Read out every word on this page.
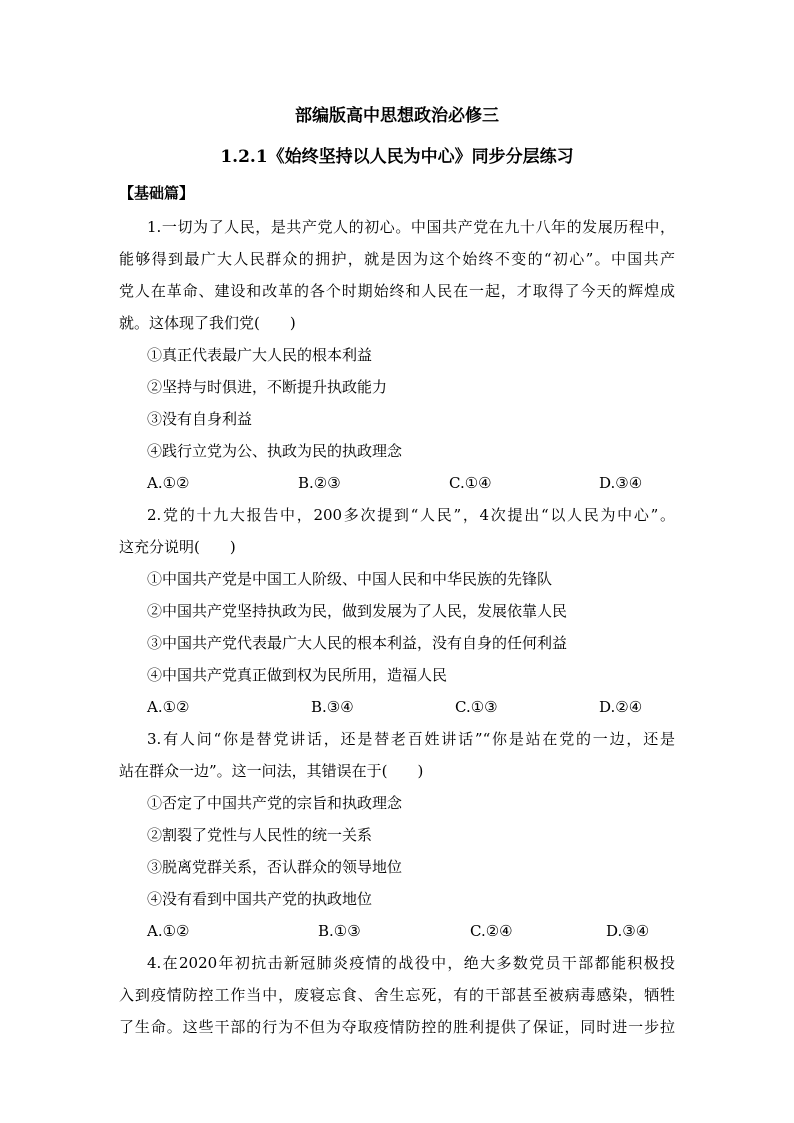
部编版高中思想政治必修三
1.2.1《始终坚持以人民为中心》同步分层练习
【基础篇】
1.一切为了人民，是共产党人的初心。中国共产党在九十八年的发展历程中，
能够得到最广大人民群众的拥护，就是因为这个始终不变的“初心”。中国共产
党人在革命、建设和改革的各个时期始终和人民在一起，才取得了今天的辉煌成
就。这体现了我们党(　　)
①真正代表最广大人民的根本利益
②坚持与时俱进，不断提升执政能力
③没有自身利益
④践行立党为公、执政为民的执政理念
A.①②	B.②③	C.①④	D.③④
2.党的十九大报告中，200多次提到“人民”，4次提出“以人民为中心”。
这充分说明(　　)
①中国共产党是中国工人阶级、中国人民和中华民族的先锋队
②中国共产党坚持执政为民，做到发展为了人民，发展依靠人民
③中国共产党代表最广大人民的根本利益，没有自身的任何利益
④中国共产党真正做到权为民所用，造福人民
A.①②	B.③④	C.①③	D.②④
3.有人问“你是替党讲话，还是替老百姓讲话”“你是站在党的一边，还是
站在群众一边”。这一问法，其错误在于(　　)
①否定了中国共产党的宗旨和执政理念
②割裂了党性与人民性的统一关系
③脱离党群关系，否认群众的领导地位
④没有看到中国共产党的执政地位
A.①②	B.①③	C.②④	D.③④
4.在2020年初抗击新冠肺炎疫情的战役中，绝大多数党员干部都能积极投
入到疫情防控工作当中，废寝忘食、舍生忘死，有的干部甚至被病毒感染，牺牲
了生命。这些干部的行为不但为夺取疫情防控的胜利提供了保证，同时进一步拉
